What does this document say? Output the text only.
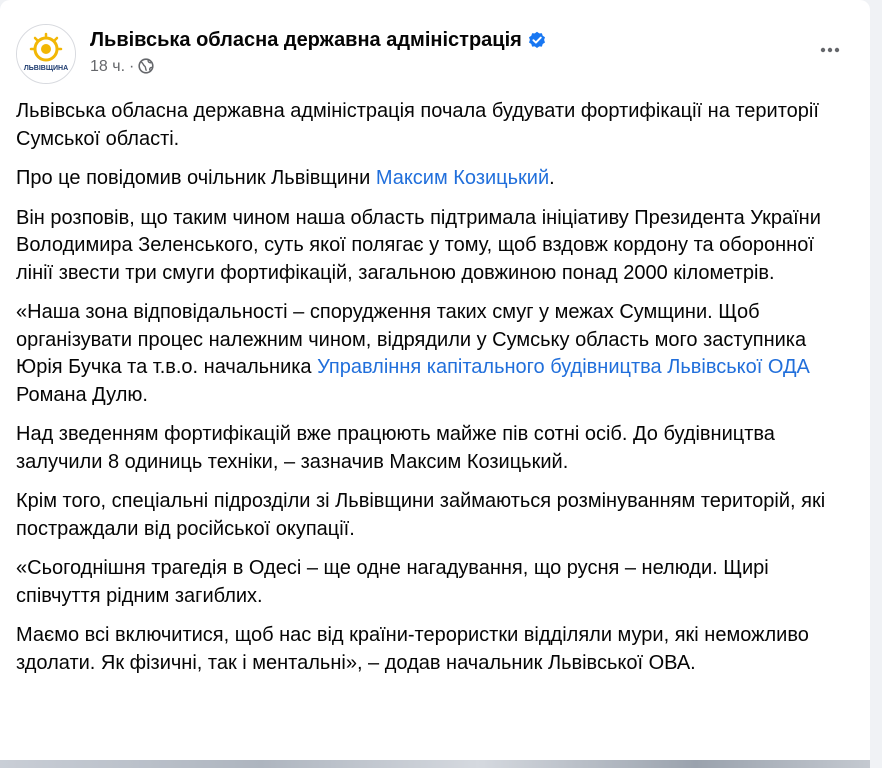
ЛЬВІВЩИНА
Львівська обласна державна адміністрація
18 ч. ·

Львівська обласна державна адміністрація почала будувати фортифікації на території Сумської області.

Про це повідомив очільник Львівщини Максим Козицький.

Він розповів, що таким чином наша область підтримала ініціативу Президента України Володимира Зеленського, суть якої полягає у тому, щоб вздовж кордону та оборонної лінії звести три смуги фортифікацій, загальною довжиною понад 2000 кілометрів.

«Наша зона відповідальності – спорудження таких смуг у межах Сумщини. Щоб організувати процес належним чином, відрядили у Сумську область мого заступника Юрія Бучка та т.в.о. начальника Управління капітального будівництва Львівської ОДА Романа Дулю.

Над зведенням фортифікацій вже працюють майже пів сотні осіб. До будівництва залучили 8 одиниць техніки, – зазначив Максим Козицький.

Крім того, спеціальні підрозділи зі Львівщини займаються розмінуванням територій, які постраждали від російської окупації.

«Сьогоднішня трагедія в Одесі – ще одне нагадування, що русня – нелюди. Щирі співчуття рідним загиблих.

Маємо всі включитися, щоб нас від країни-терористки відділяли мури, які неможливо здолати. Як фізичні, так і ментальні», – додав начальник Львівської ОВА.
